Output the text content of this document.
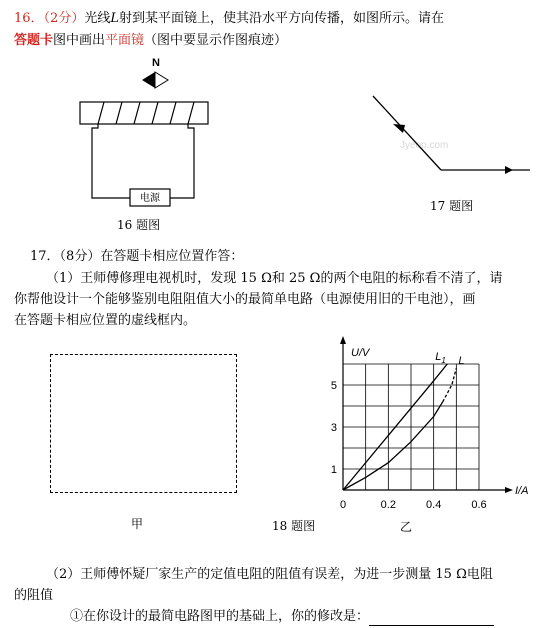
16．（2分）光线L射到某平面镜上，使其沿水平方向传播，如图所示。请在
答题卡图中画出平面镜（图中要显示作图痕迹）
N
电源
16 题图
Jyeoo.com
17 题图
17．（8分）在答题卡相应位置作答：
（1）王师傅修理电视机时，发现 15 Ω和 25 Ω的两个电阻的标称看不清了，请
你帮他设计一个能够鉴别电阻阻值大小的最简单电路（电源使用旧的干电池），画
在答题卡相应位置的虚线框内。
甲	18 题图
U/V
I/A
0	0.2	0.4	0.6
1
3
5
$L_1$ L
乙
（2）王师傅怀疑厂家生产的定值电阻的阻值有误差，为进一步测量 15 Ω电阻
的阻值
①在你设计的最简电路图甲的基础上，你的修改是：
